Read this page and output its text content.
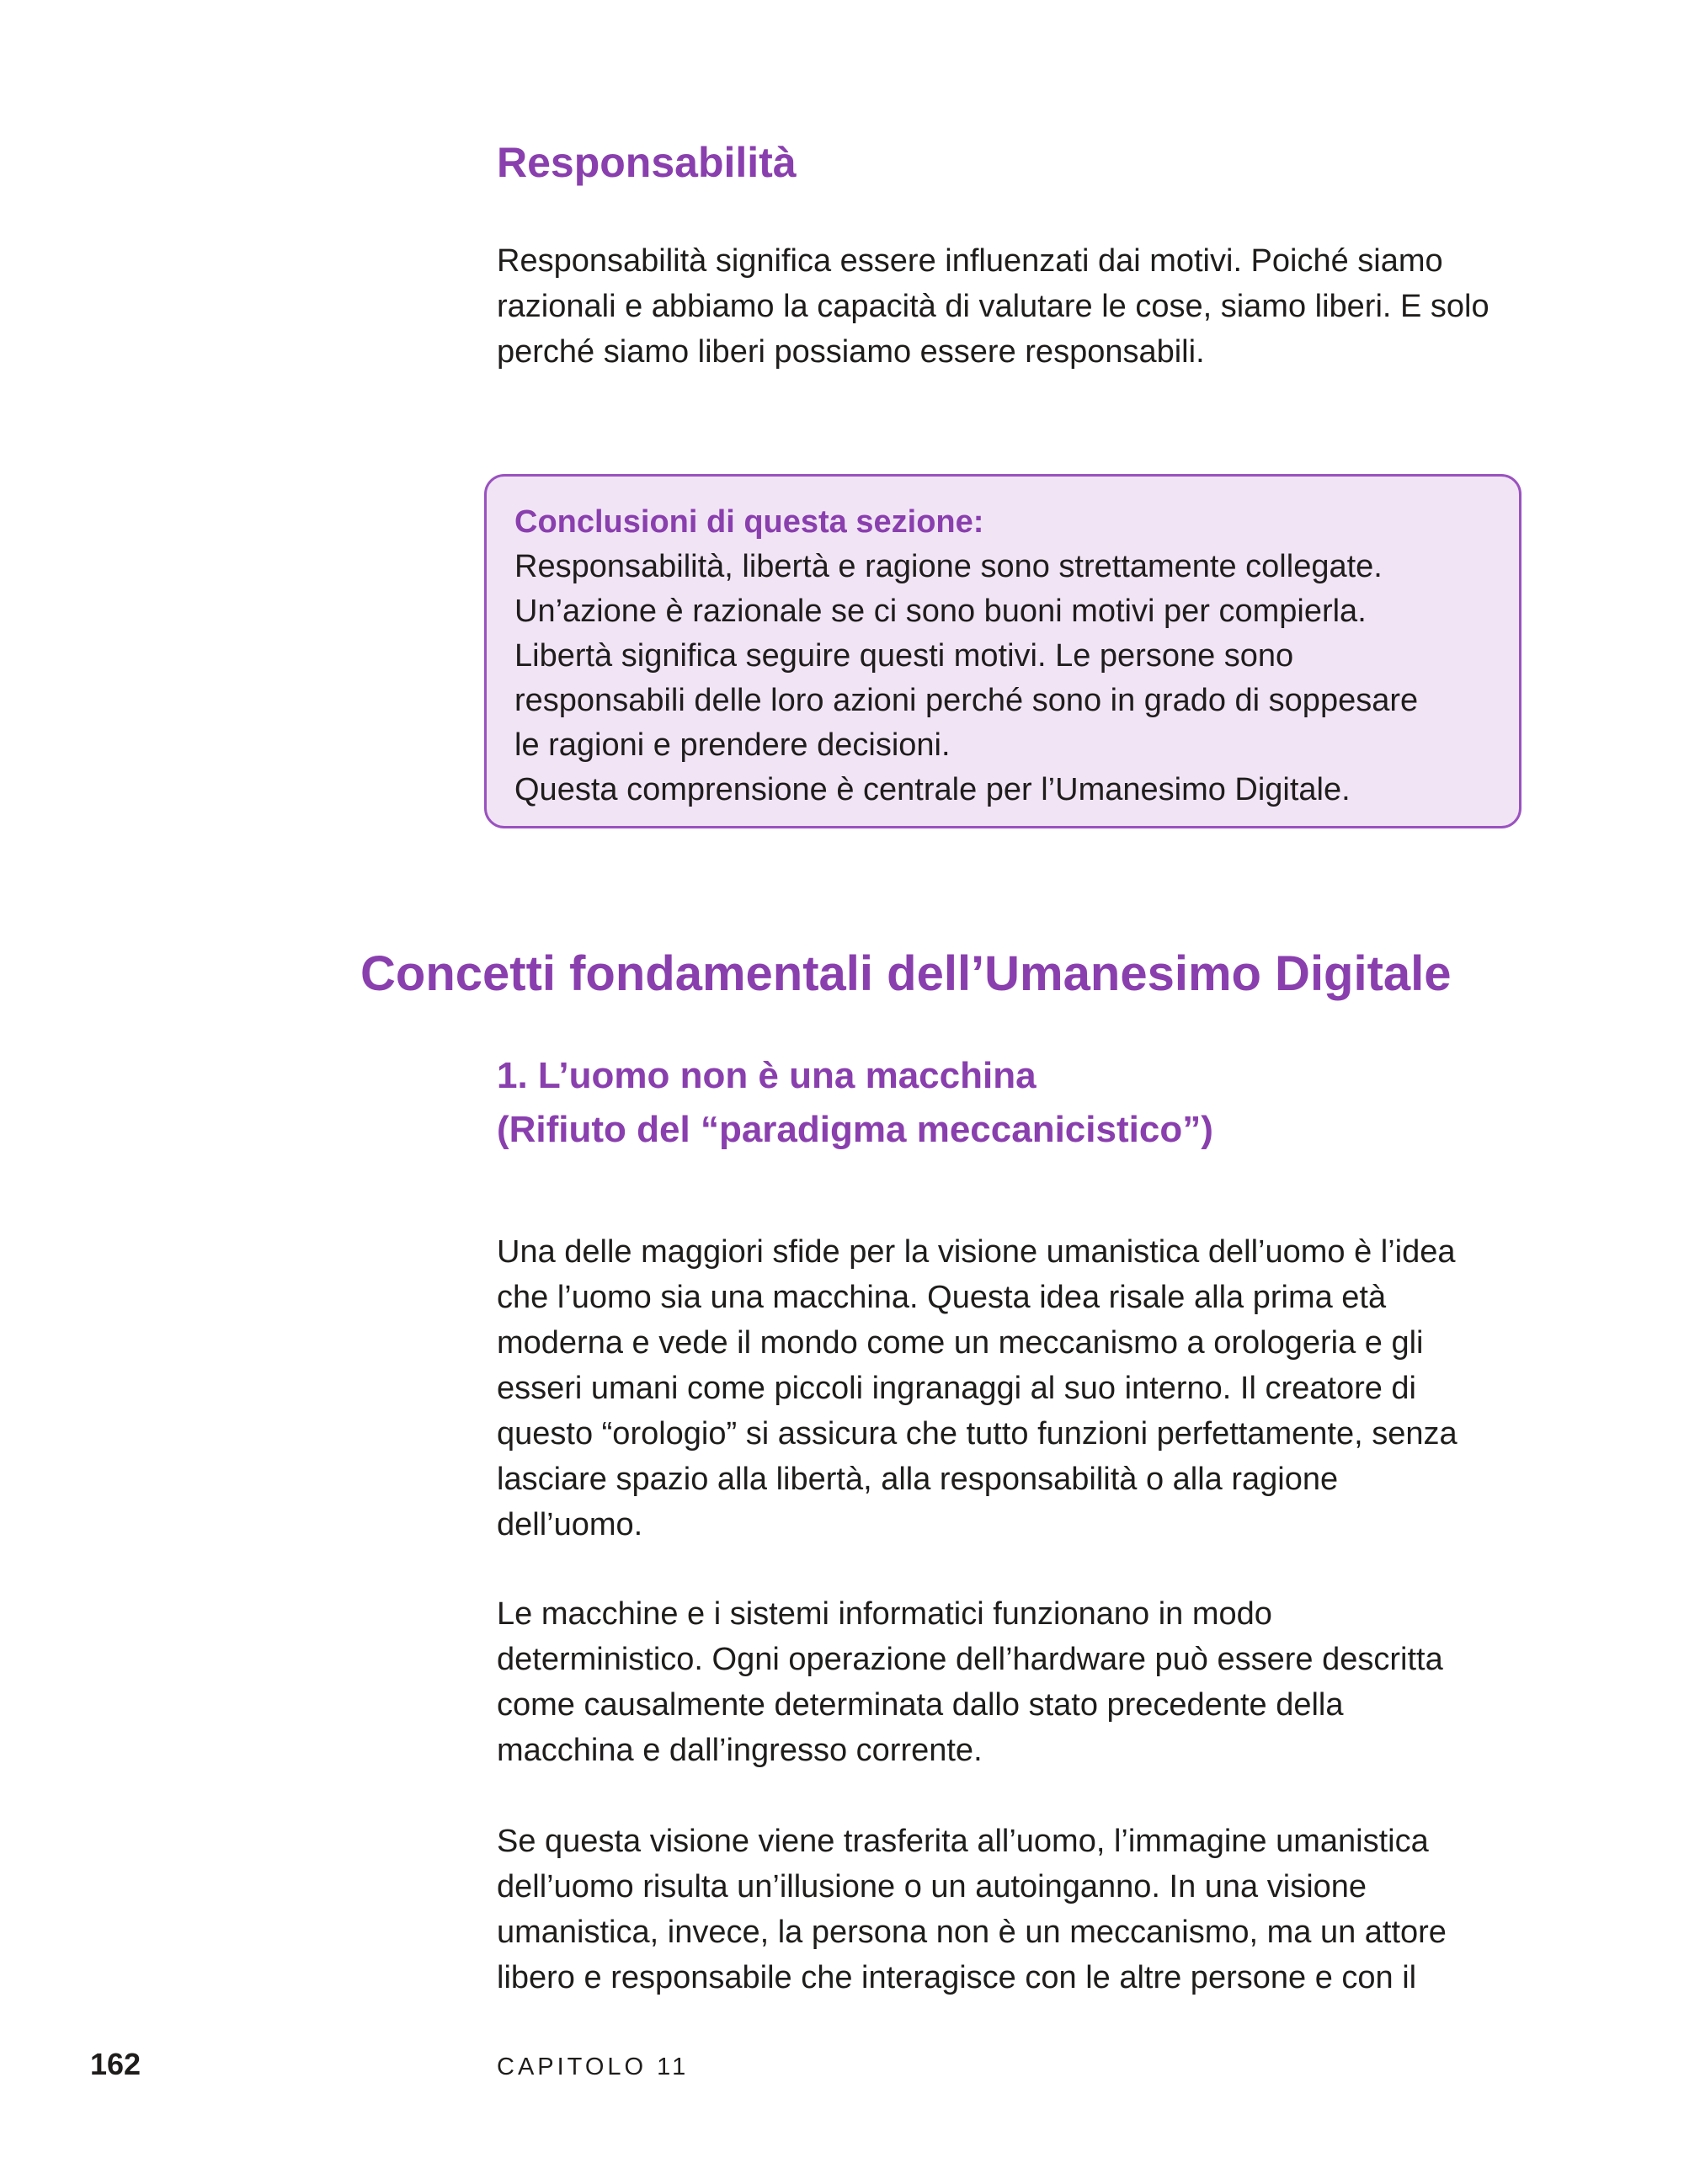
Responsabilità

Responsabilità significa essere influenzati dai motivi. Poiché siamo
razionali e abbiamo la capacità di valutare le cose, siamo liberi. E solo
perché siamo liberi possiamo essere responsabili.

Conclusioni di questa sezione:

Responsabilità, libertà e ragione sono strettamente collegate.
Un’azione è razionale se ci sono buoni motivi per compierla.
Libertà significa seguire questi motivi. Le persone sono
responsabili delle loro azioni perché sono in grado di soppesare
le ragioni e prendere decisioni.
Questa comprensione è centrale per l’Umanesimo Digitale.

Concetti fondamentali dell’Umanesimo Digitale
1. L’uomo non è una macchina
(Rifiuto del “paradigma meccanicistico”)

Una delle maggiori sfide per la visione umanistica dell’uomo è l’idea
che l’uomo sia una macchina. Questa idea risale alla prima età
moderna e vede il mondo come un meccanismo a orologeria e gli
esseri umani come piccoli ingranaggi al suo interno. Il creatore di
questo “orologio” si assicura che tutto funzioni perfettamente, senza
lasciare spazio alla libertà, alla responsabilità o alla ragione
dell’uomo.

Le macchine e i sistemi informatici funzionano in modo
deterministico. Ogni operazione dell’hardware può essere descritta
come causalmente determinata dallo stato precedente della
macchina e dall’ingresso corrente.

Se questa visione viene trasferita all’uomo, l’immagine umanistica
dell’uomo risulta un’illusione o un autoinganno. In una visione
umanistica, invece, la persona non è un meccanismo, ma un attore
libero e responsabile che interagisce con le altre persone e con il

162	CAPITOLO 11
